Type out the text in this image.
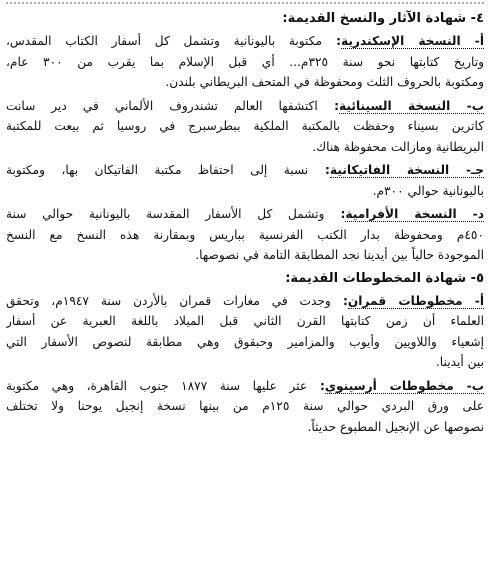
٤- شهادة الآثار والنسخ القديمة:
أ- النسخة الإسكندرية: مكتوبة باليونانية وتشمل كل أسفار الكتاب المقدس،
وتاريخ كتابتها نحو سنة ٣٢٥م... أي قبل الإسلام بما يقرب من ٣٠٠ عام،
ومكتوبة بالحروف الثلث ومحفوظة في المتحف البريطاني بلندن.
ب- النسخة السينائية: اكتشفها العالم تشندروف الألماني في دير سانت
كاترين بسيناء وحفظت بالمكتبة الملكية ببطرسبرج في روسيا ثم بيعت للمكتبة
البريطانية ومازالت محفوظة هناك.
جـ- النسخة الفاتيكانية: نسبة إلى احتفاظ مكتبة الفاتيكان بها، ومكتوبة
باليونانية حوالي ٣٠٠م.
د- النسخة الأفرامية: وتشمل كل الأسفار المقدسة باليونانية حوالي سنة
٤٥٠م ومحفوظة بدار الكتب الفرنسية بباريس وبمقارنة هذه النسخ مع النسخ
الموجودة حالياً بين أيدينا نجد المطابقة التامة في نصوصها.
٥- شهادة المخطوطات القديمة:
أ- مخطوطات قمران: وجدت في مغارات قمران بالأردن سنة ١٩٤٧م، وتحقق
العلماء أن زمن كتابتها القرن الثاني قبل الميلاد باللغة العبرية عن أسفار
إشعياء واللاويين وأيوب والمزامير وحبقوق وهي مطابقة لنصوص الأسفار التي
بين أيدينا.
ب- مخطوطات أرسينوي: عثر عليها سنة ١٨٧٧ جنوب القاهرة، وهي مكتوبة
على ورق البردي حوالي سنة ١٢٥م من بينها نسخة إنجيل يوحنا ولا تختلف
نصوصها عن الإنجيل المطبوع حديثاً.
